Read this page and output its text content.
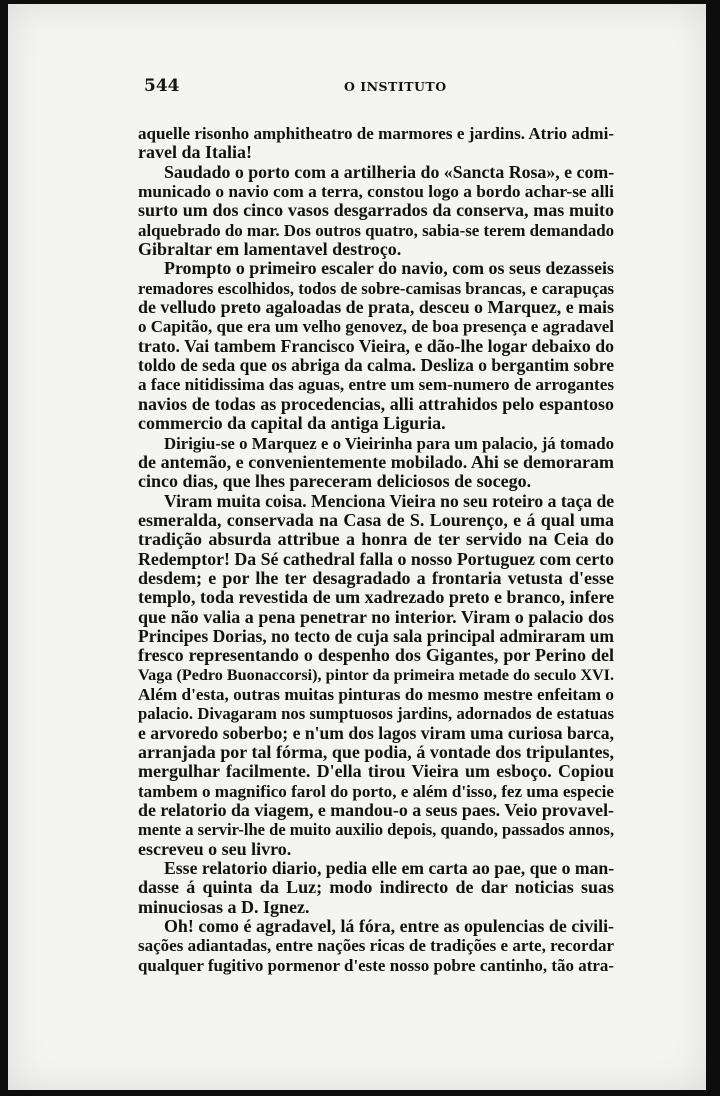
544	O INSTITUTO
aquelle risonho amphitheatro de marmores e jardins. Atrio admi-
ravel da Italia!
Saudado o porto com a artilheria do «Sancta Rosa», e com-
municado o navio com a terra, constou logo a bordo achar-se alli
surto um dos cinco vasos desgarrados da conserva, mas muito
alquebrado do mar. Dos outros quatro, sabia-se terem demandado
Gibraltar em lamentavel destroço.
Prompto o primeiro escaler do navio, com os seus dezasseis
remadores escolhidos, todos de sobre-camisas brancas, e carapuças
de velludo preto agaloadas de prata, desceu o Marquez, e mais
o Capitão, que era um velho genovez, de boa presença e agradavel
trato. Vai tambem Francisco Vieira, e dão-lhe logar debaixo do
toldo de seda que os abriga da calma. Desliza o bergantim sobre
a face nitidissima das aguas, entre um sem-numero de arrogantes
navios de todas as procedencias, alli attrahidos pelo espantoso
commercio da capital da antiga Liguria.
Dirigiu-se o Marquez e o Vieirinha para um palacio, já tomado
de antemão, e convenientemente mobilado. Ahi se demoraram
cinco dias, que lhes pareceram deliciosos de socego.
Viram muita coisa. Menciona Vieira no seu roteiro a taça de
esmeralda, conservada na Casa de S. Lourenço, e á qual uma
tradição absurda attribue a honra de ter servido na Ceia do
Redemptor! Da Sé cathedral falla o nosso Portuguez com certo
desdem; e por lhe ter desagradado a frontaria vetusta d'esse
templo, toda revestida de um xadrezado preto e branco, infere
que não valia a pena penetrar no interior. Viram o palacio dos
Principes Dorias, no tecto de cuja sala principal admiraram um
fresco representando o despenho dos Gigantes, por Perino del
Vaga (Pedro Buonaccorsi), pintor da primeira metade do seculo XVI.
Além d'esta, outras muitas pinturas do mesmo mestre enfeitam o
palacio. Divagaram nos sumptuosos jardins, adornados de estatuas
e arvoredo soberbo; e n'um dos lagos viram uma curiosa barca,
arranjada por tal fórma, que podia, á vontade dos tripulantes,
mergulhar facilmente. D'ella tirou Vieira um esboço. Copiou
tambem o magnifico farol do porto, e além d'isso, fez uma especie
de relatorio da viagem, e mandou-o a seus paes. Veio provavel-
mente a servir-lhe de muito auxilio depois, quando, passados annos,
escreveu o seu livro.
Esse relatorio diario, pedia elle em carta ao pae, que o man-
dasse á quinta da Luz; modo indirecto de dar noticias suas
minuciosas a D. Ignez.
Oh! como é agradavel, lá fóra, entre as opulencias de civili-
sações adiantadas, entre nações ricas de tradições e arte, recordar
qualquer fugitivo pormenor d'este nosso pobre cantinho, tão atra-
